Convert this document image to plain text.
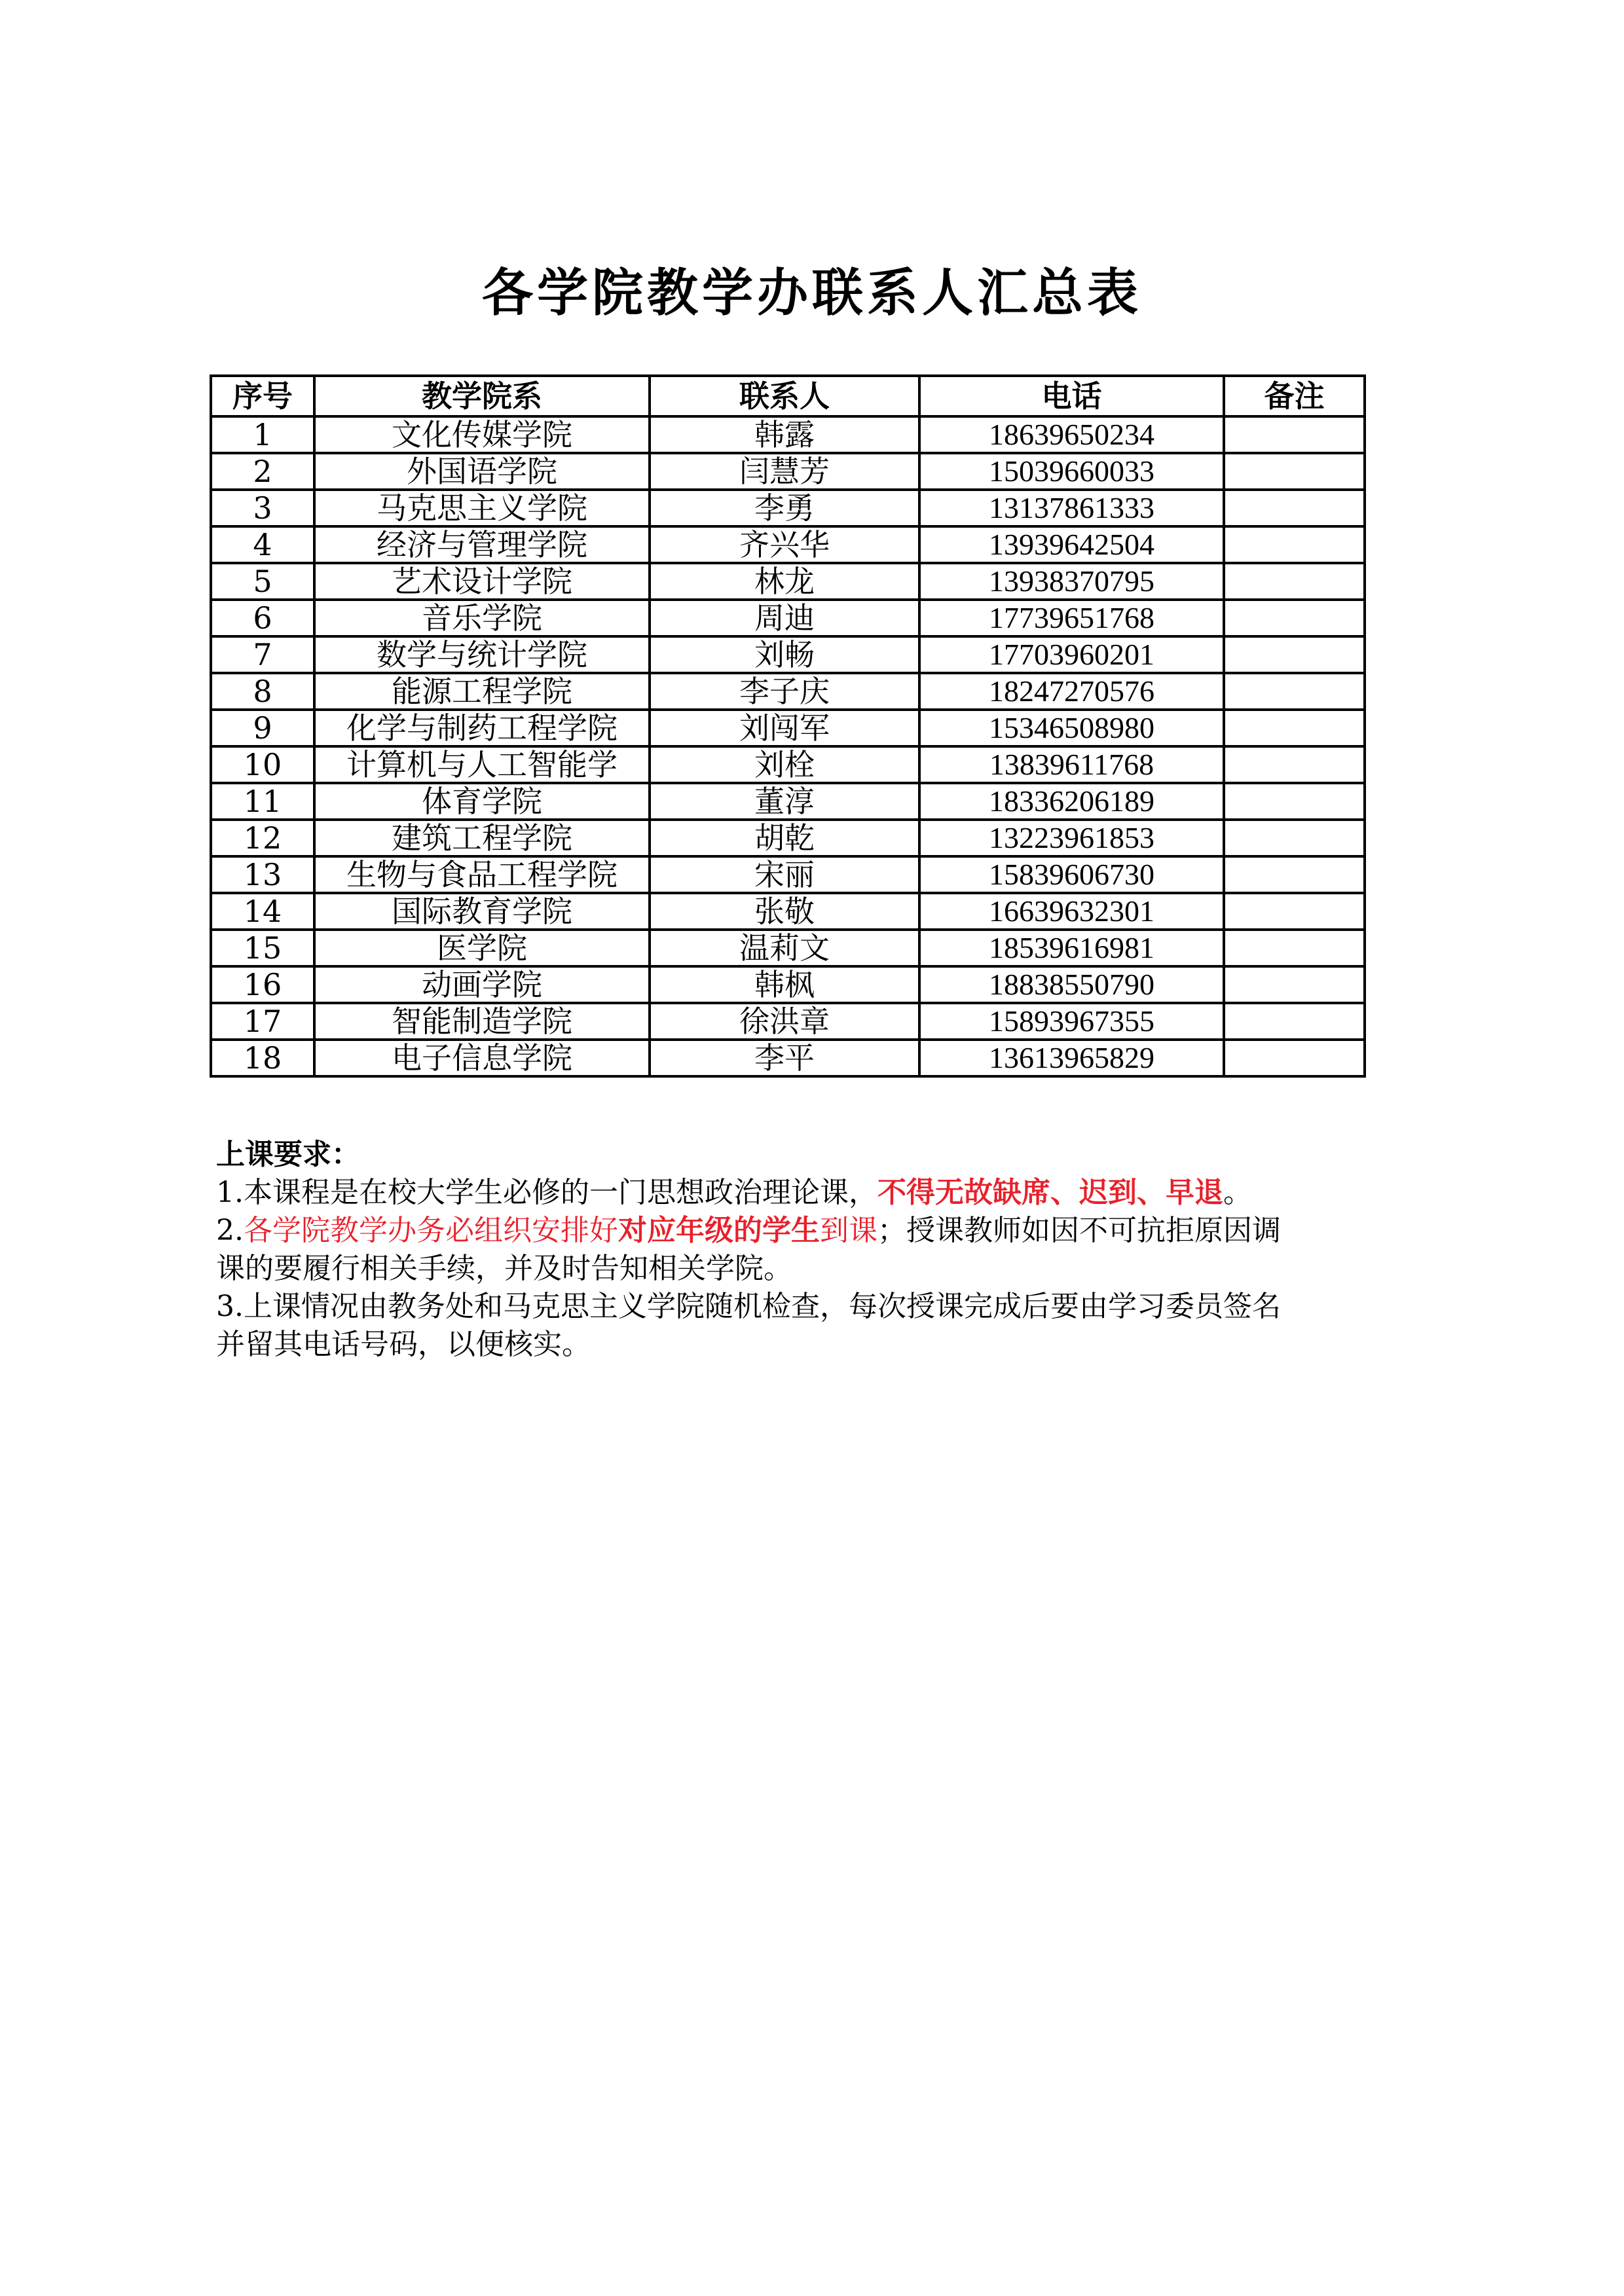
各学院教学办联系人汇总表
序号	教学院系	联系人	电话	备注
1	文化传媒学院	韩露	18639650234	
2	外国语学院	闫慧芳	15039660033	
3	马克思主义学院	李勇	13137861333	
4	经济与管理学院	齐兴华	13939642504	
5	艺术设计学院	林龙	13938370795	
6	音乐学院	周迪	17739651768	
7	数学与统计学院	刘畅	17703960201	
8	能源工程学院	李子庆	18247270576	
9	化学与制药工程学院	刘闯军	15346508980	
10	计算机与人工智能学	刘栓	13839611768	
11	体育学院	董淳	18336206189	
12	建筑工程学院	胡乾	13223961853	
13	生物与食品工程学院	宋丽	15839606730	
14	国际教育学院	张敬	16639632301	
15	医学院	温莉文	18539616981	
16	动画学院	韩枫	18838550790	
17	智能制造学院	徐洪章	15893967355	
18	电子信息学院	李平	13613965829	
上课要求：
1.本课程是在校大学生必修的一门思想政治理论课，不得无故缺席、迟到、早退。
2.各学院教学办务必组织安排好对应年级的学生到课；授课教师如因不可抗拒原因调
课的要履行相关手续，并及时告知相关学院。
3.上课情况由教务处和马克思主义学院随机检查，每次授课完成后要由学习委员签名
并留其电话号码，以便核实。
